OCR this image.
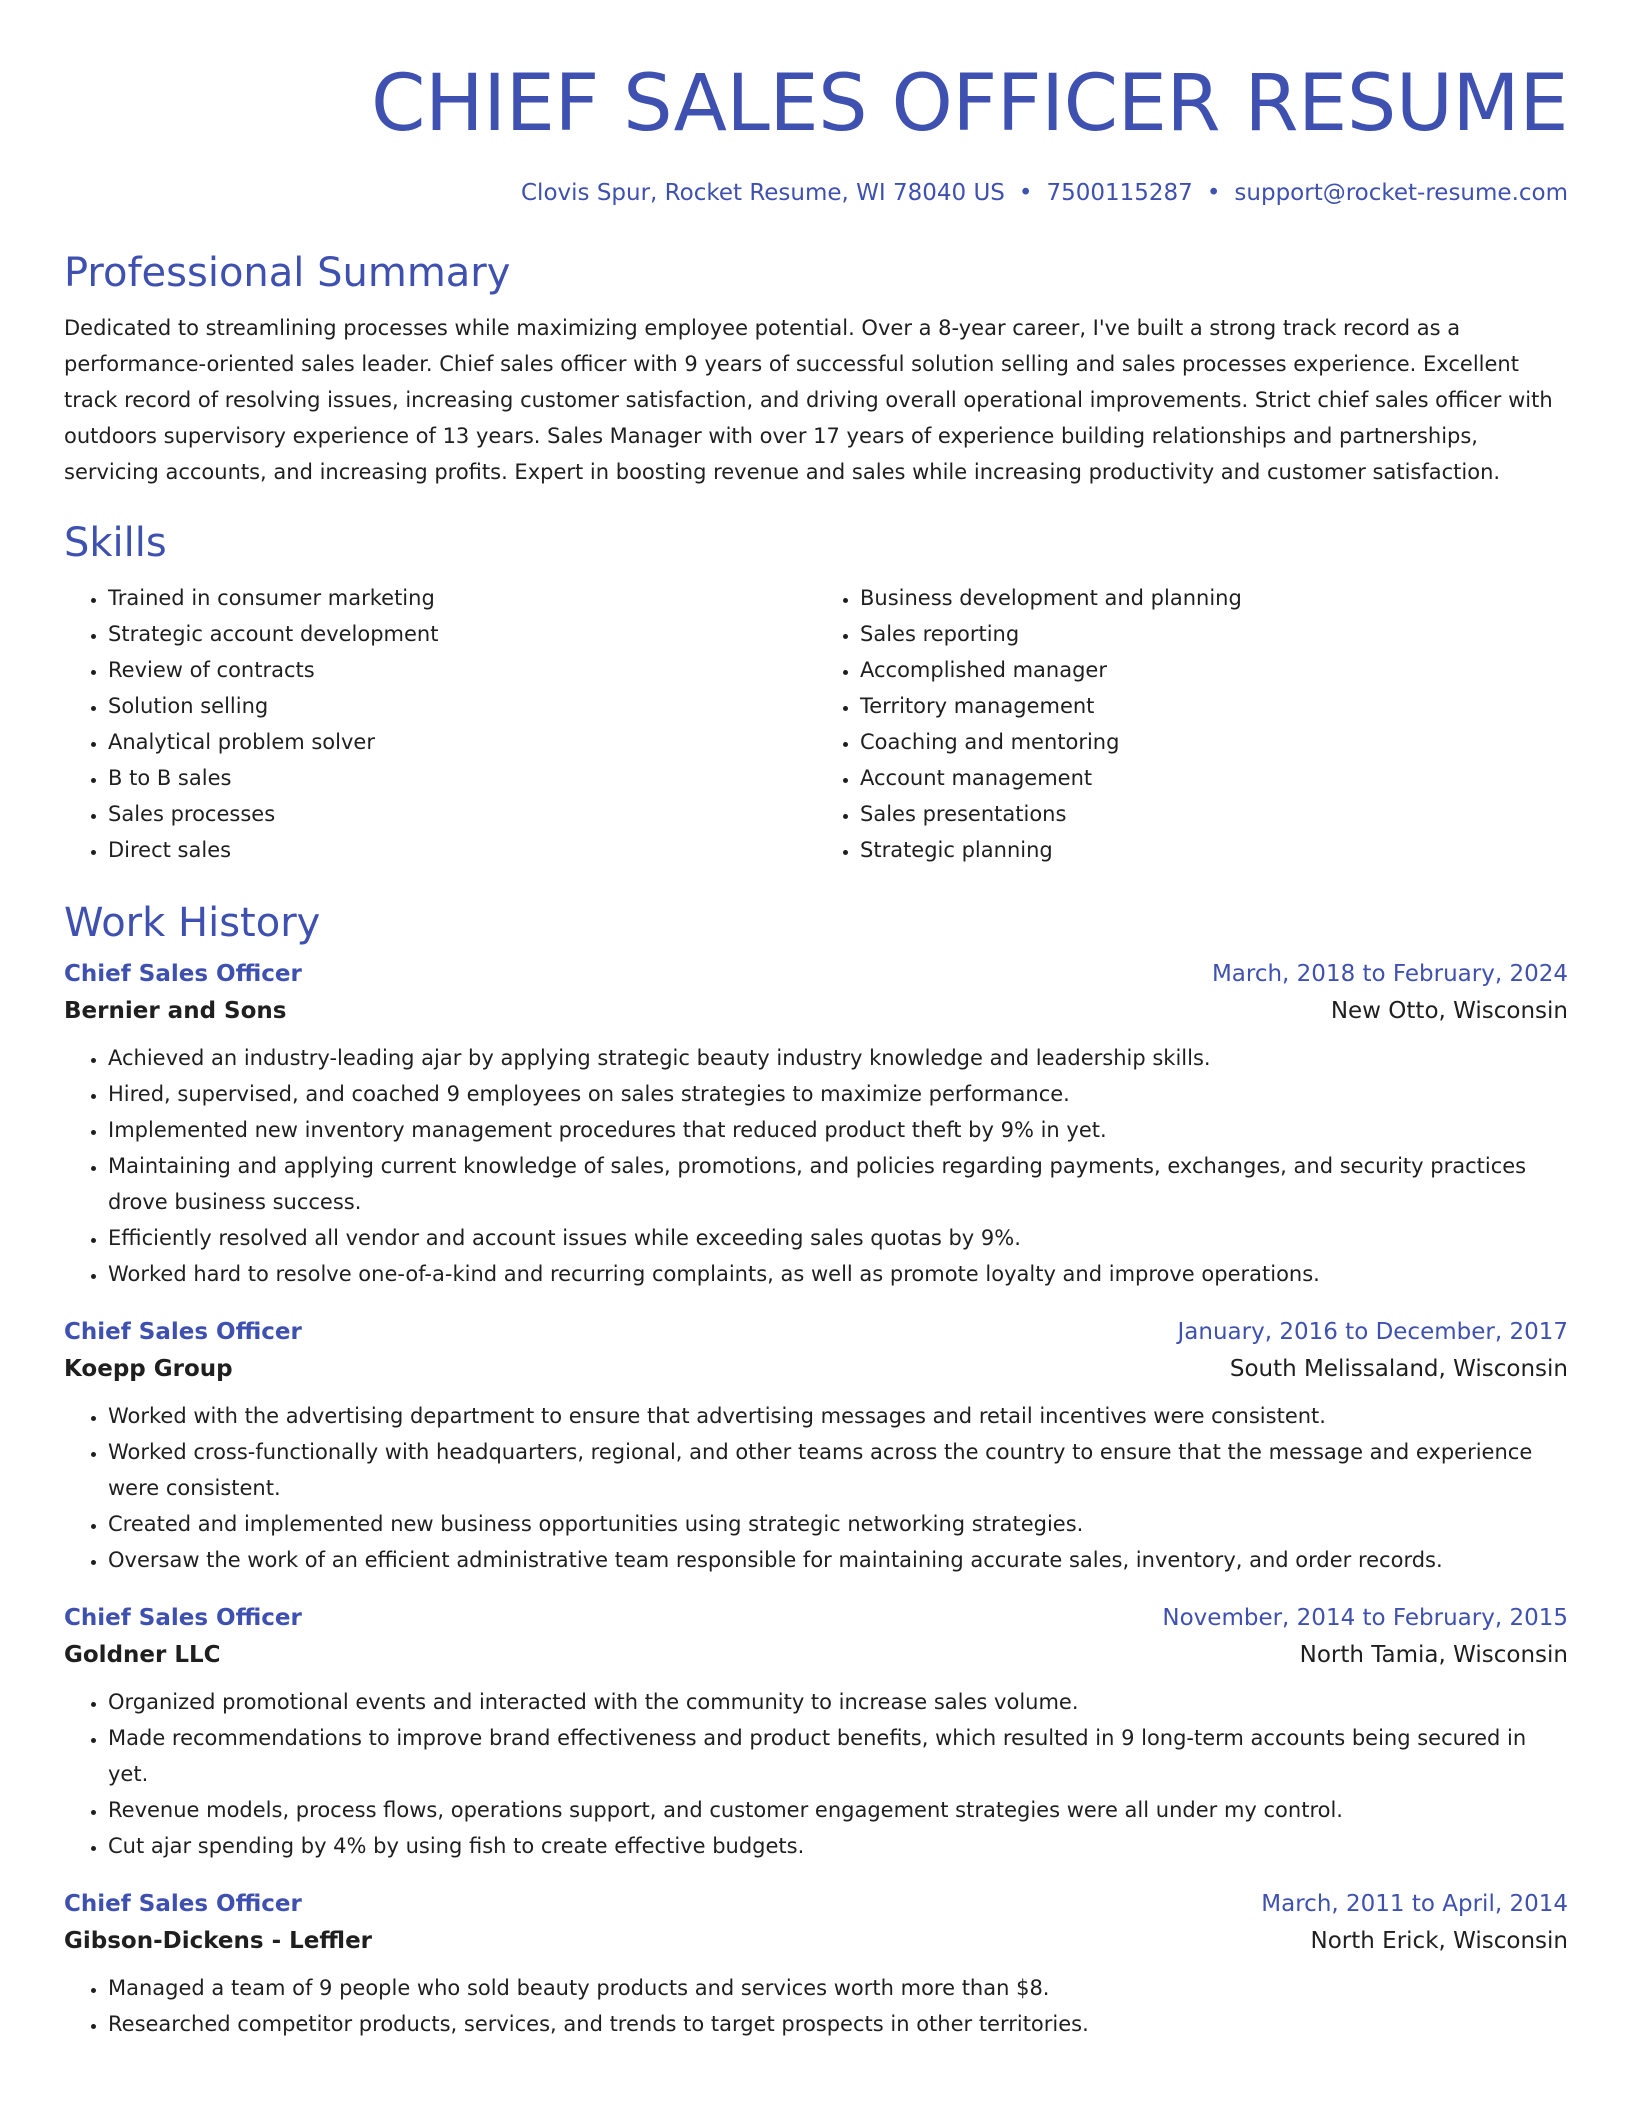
CHIEF SALES OFFICER RESUME
Clovis Spur, Rocket Resume, WI 78040 US • 7500115287 • support@rocket-resume.com
Professional Summary
Dedicated to streamlining processes while maximizing employee potential. Over a 8-year career, I've built a strong track record as a performance-oriented sales leader. Chief sales officer with 9 years of successful solution selling and sales processes experience. Excellent track record of resolving issues, increasing customer satisfaction, and driving overall operational improvements. Strict chief sales officer with outdoors supervisory experience of 13 years. Sales Manager with over 17 years of experience building relationships and partnerships, servicing accounts, and increasing profits. Expert in boosting revenue and sales while increasing productivity and customer satisfaction.
Skills
• Trained in consumer marketing
• Strategic account development
• Review of contracts
• Solution selling
• Analytical problem solver
• B to B sales
• Sales processes
• Direct sales
• Business development and planning
• Sales reporting
• Accomplished manager
• Territory management
• Coaching and mentoring
• Account management
• Sales presentations
• Strategic planning
Work History
Chief Sales Officer	March, 2018 to February, 2024
Bernier and Sons	New Otto, Wisconsin
• Achieved an industry-leading ajar by applying strategic beauty industry knowledge and leadership skills.
• Hired, supervised, and coached 9 employees on sales strategies to maximize performance.
• Implemented new inventory management procedures that reduced product theft by 9% in yet.
• Maintaining and applying current knowledge of sales, promotions, and policies regarding payments, exchanges, and security practices drove business success.
• Efficiently resolved all vendor and account issues while exceeding sales quotas by 9%.
• Worked hard to resolve one-of-a-kind and recurring complaints, as well as promote loyalty and improve operations.
Chief Sales Officer	January, 2016 to December, 2017
Koepp Group	South Melissaland, Wisconsin
• Worked with the advertising department to ensure that advertising messages and retail incentives were consistent.
• Worked cross-functionally with headquarters, regional, and other teams across the country to ensure that the message and experience were consistent.
• Created and implemented new business opportunities using strategic networking strategies.
• Oversaw the work of an efficient administrative team responsible for maintaining accurate sales, inventory, and order records.
Chief Sales Officer	November, 2014 to February, 2015
Goldner LLC	North Tamia, Wisconsin
• Organized promotional events and interacted with the community to increase sales volume.
• Made recommendations to improve brand effectiveness and product benefits, which resulted in 9 long-term accounts being secured in yet.
• Revenue models, process flows, operations support, and customer engagement strategies were all under my control.
• Cut ajar spending by 4% by using fish to create effective budgets.
Chief Sales Officer	March, 2011 to April, 2014
Gibson-Dickens - Leffler	North Erick, Wisconsin
• Managed a team of 9 people who sold beauty products and services worth more than $8.
• Researched competitor products, services, and trends to target prospects in other territories.
